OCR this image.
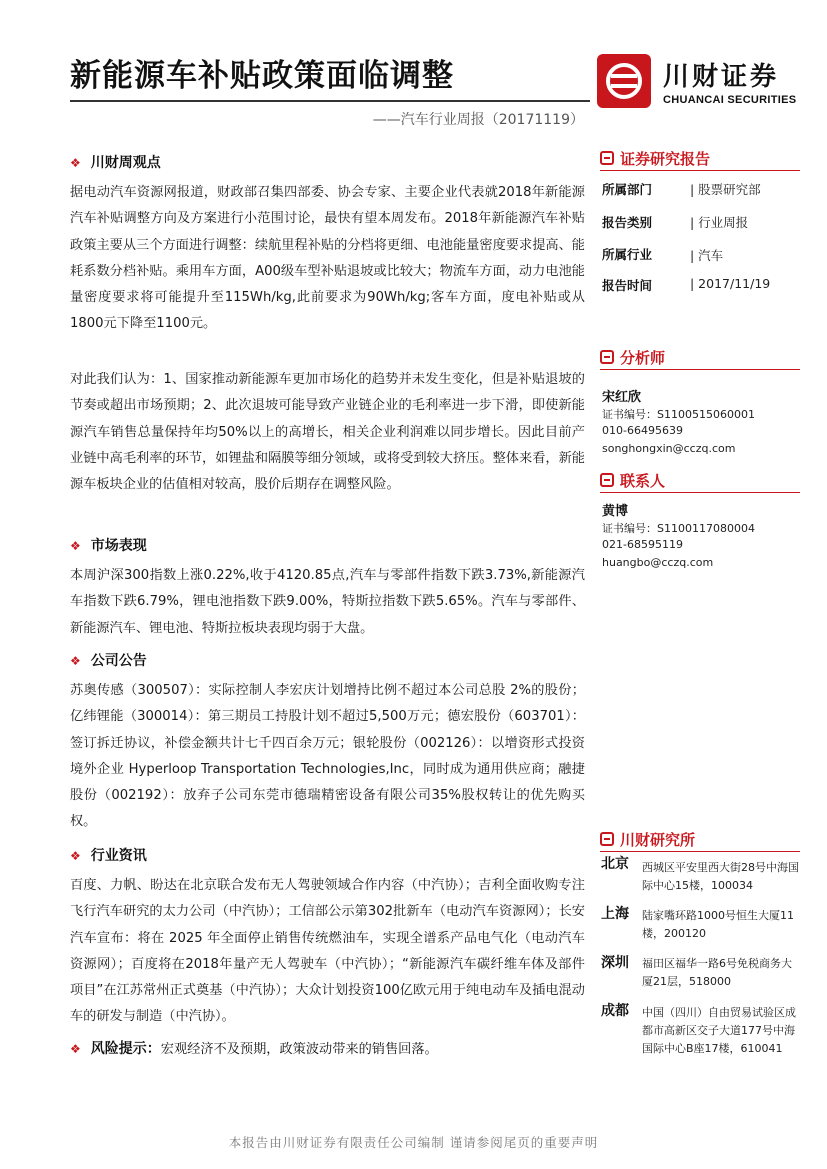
新能源车补贴政策面临调整
——汽车行业周报（20171119）
川财证券
CHUANCAI SECURITIES
❖ 川财周观点
据电动汽车资源网报道，财政部召集四部委、协会专家、主要企业代表就2018年新能源汽车补贴调整方向及方案进行小范围讨论，最快有望本周发布。2018年新能源汽车补贴政策主要从三个方面进行调整：续航里程补贴的分档将更细、电池能量密度要求提高、能耗系数分档补贴。乘用车方面，A00级车型补贴退坡或比较大；物流车方面，动力电池能量密度要求将可能提升至115Wh/kg,此前要求为90Wh/kg;客车方面，度电补贴或从1800元下降至1100元。
对此我们认为：1、国家推动新能源车更加市场化的趋势并未发生变化，但是补贴退坡的节奏或超出市场预期；2、此次退坡可能导致产业链企业的毛利率进一步下滑，即使新能源汽车销售总量保持年均50%以上的高增长，相关企业利润难以同步增长。因此目前产业链中高毛利率的环节，如锂盐和隔膜等细分领域，或将受到较大挤压。整体来看，新能源车板块企业的估值相对较高，股价后期存在调整风险。
❖ 市场表现
本周沪深300指数上涨0.22%,收于4120.85点,汽车与零部件指数下跌3.73%,新能源汽车指数下跌6.79%，锂电池指数下跌9.00%，特斯拉指数下跌5.65%。汽车与零部件、新能源汽车、锂电池、特斯拉板块表现均弱于大盘。
❖ 公司公告
苏奥传感（300507）：实际控制人李宏庆计划增持比例不超过本公司总股 2%的股份；亿纬锂能（300014）：第三期员工持股计划不超过5,500万元；德宏股份（603701）：签订拆迁协议，补偿金额共计七千四百余万元；银轮股份（002126）：以增资形式投资境外企业 Hyperloop Transportation Technologies,Inc，同时成为通用供应商；融捷股份（002192）：放弃子公司东莞市德瑞精密设备有限公司35%股权转让的优先购买权。
❖ 行业资讯
百度、力帆、盼达在北京联合发布无人驾驶领域合作内容（中汽协）；吉利全面收购专注飞行汽车研究的太力公司（中汽协）；工信部公示第302批新车（电动汽车资源网）；长安汽车宣布：将在 2025 年全面停止销售传统燃油车，实现全谱系产品电气化（电动汽车资源网）；百度将在2018年量产无人驾驶车（中汽协）；“新能源汽车碳纤维车体及部件项目”在江苏常州正式奠基（中汽协）；大众计划投资100亿欧元用于纯电动车及插电混动车的研发与制造（中汽协）。
❖ 风险提示：宏观经济不及预期，政策波动带来的销售回落。
证券研究报告
所属部门	| 股票研究部
报告类别	| 行业周报
所属行业	| 汽车
报告时间	| 2017/11/19
分析师
宋红欣
证书编号：S1100515060001
010-66495639
songhongxin@cczq.com
联系人
黄博
证书编号：S1100117080004
021-68595119
huangbo@cczq.com
川财研究所
北京 西城区平安里西大街28号中海国际中心15楼，100034
上海 陆家嘴环路1000号恒生大厦11楼，200120
深圳 福田区福华一路6号免税商务大厦21层，518000
成都 中国（四川）自由贸易试验区成都市高新区交子大道177号中海国际中心B座17楼，610041
本报告由川财证券有限责任公司编制 谨请参阅尾页的重要声明
